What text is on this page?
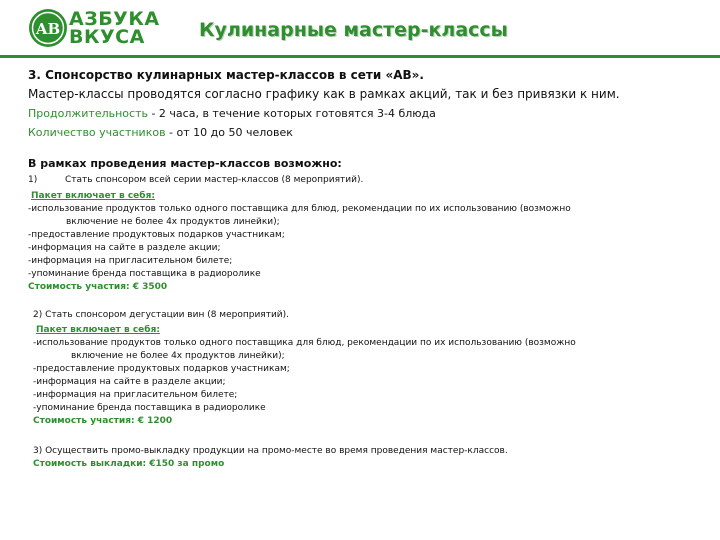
AB АЗБУКА
ВКУСА	Кулинарные мастер-классы
3. Спонсорство кулинарных мастер-классов в сети «АВ».
Мастер-классы проводятся согласно графику как в рамках акций, так и без привязки к ним.
Продолжительность - 2 часа, в течение которых готовятся 3-4 блюда
Количество участников - от 10 до 50 человек
В рамках проведения мастер-классов возможно:
1)	Стать спонсором всей серии мастер-классов (8 мероприятий).
Пакет включает в себя:
-использование продуктов только одного поставщика для блюд, рекомендации по их использованию (возможно
включение не более 4х продуктов линейки);
-предоставление продуктовых подарков участникам;
-информация на сайте в разделе акции;
-информация на пригласительном билете;
-упоминание бренда поставщика в радиоролике
Стоимость участия: € 3500
2) Стать спонсором дегустации вин (8 мероприятий).
Пакет включает в себя:
-использование продуктов только одного поставщика для блюд, рекомендации по их использованию (возможно
включение не более 4х продуктов линейки);
-предоставление продуктовых подарков участникам;
-информация на сайте в разделе акции;
-информация на пригласительном билете;
-упоминание бренда поставщика в радиоролике
Стоимость участия: € 1200
3) Осуществить промо-выкладку продукции на промо-месте во время проведения мастер-классов.
Стоимость выкладки: €150 за промо
